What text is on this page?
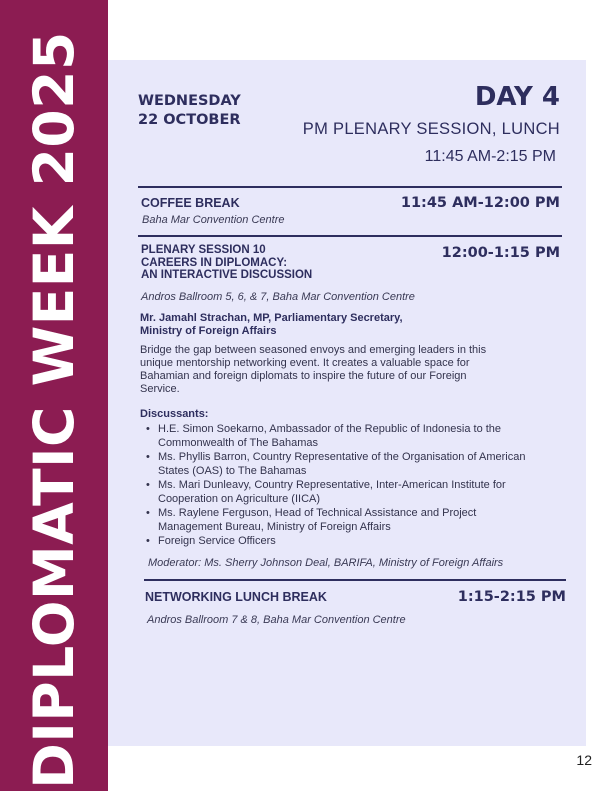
DIPLOMATIC WEEK 2025	WEDNESDAY
22 OCTOBER
DAY 4
PM PLENARY SESSION, LUNCH
11:45 AM-2:15 PM
COFFEE BREAK	11:45 AM-12:00 PM
Baha Mar Convention Centre
PLENARY SESSION 10
CAREERS IN DIPLOMACY:
AN INTERACTIVE DISCUSSION
12:00-1:15 PM
Andros Ballroom 5, 6, & 7, Baha Mar Convention Centre
Mr. Jamahl Strachan, MP, Parliamentary Secretary,
Ministry of Foreign Affairs
Bridge the gap between seasoned envoys and emerging leaders in this
unique mentorship networking event. It creates a valuable space for
Bahamian and foreign diplomats to inspire the future of our Foreign
Service.
Discussants:
• H.E. Simon Soekarno, Ambassador of the Republic of Indonesia to the
Commonwealth of The Bahamas
• Ms. Phyllis Barron, Country Representative of the Organisation of American
States (OAS) to The Bahamas
• Ms. Mari Dunleavy, Country Representative, Inter-American Institute for
Cooperation on Agriculture (IICA)
• Ms. Raylene Ferguson, Head of Technical Assistance and Project
Management Bureau, Ministry of Foreign Affairs
• Foreign Service Officers
Moderator: Ms. Sherry Johnson Deal, BARIFA, Ministry of Foreign Affairs
NETWORKING LUNCH BREAK	1:15-2:15 PM
Andros Ballroom 7 & 8, Baha Mar Convention Centre
12
